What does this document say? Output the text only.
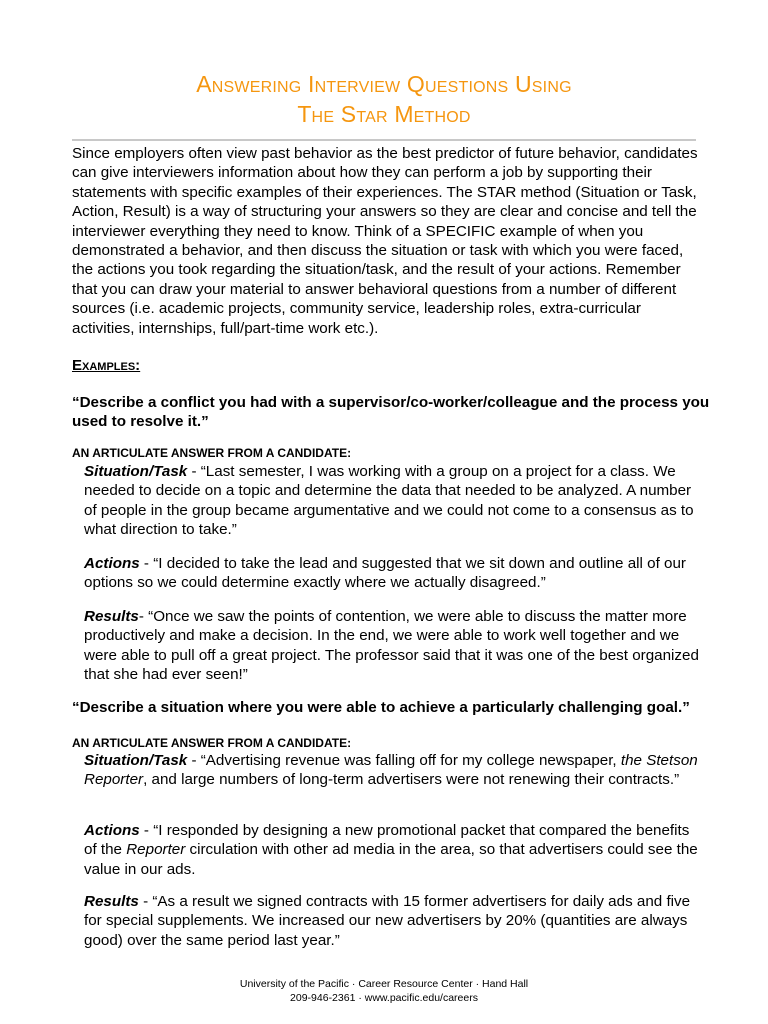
Answering Interview Questions Using
The Star Method

Since employers often view past behavior as the best predictor of future behavior, candidates can give interviewers information about how they can perform a job by supporting their statements with specific examples of their experiences. The STAR method (Situation or Task, Action, Result) is a way of structuring your answers so they are clear and concise and tell the interviewer everything they need to know. Think of a SPECIFIC example of when you demonstrated a behavior, and then discuss the situation or task with which you were faced, the actions you took regarding the situation/task, and the result of your actions. Remember that you can draw your material to answer behavioral questions from a number of different sources (i.e. academic projects, community service, leadership roles, extra-curricular activities, internships, full/part-time work etc.).

Examples:

“Describe a conflict you had with a supervisor/co-worker/colleague and the process you used to resolve it.”

AN ARTICULATE ANSWER FROM A CANDIDATE:

Situation/Task - “Last semester, I was working with a group on a project for a class. We needed to decide on a topic and determine the data that needed to be analyzed. A number of people in the group became argumentative and we could not come to a consensus as to what direction to take.”

Actions - “I decided to take the lead and suggested that we sit down and outline all of our options so we could determine exactly where we actually disagreed.”

Results- “Once we saw the points of contention, we were able to discuss the matter more productively and make a decision. In the end, we were able to work well together and we were able to pull off a great project. The professor said that it was one of the best organized that she had ever seen!”

“Describe a situation where you were able to achieve a particularly challenging goal.”

AN ARTICULATE ANSWER FROM A CANDIDATE:

Situation/Task - “Advertising revenue was falling off for my college newspaper, the Stetson Reporter, and large numbers of long-term advertisers were not renewing their contracts.”

Actions - “I responded by designing a new promotional packet that compared the benefits of the Reporter circulation with other ad media in the area, so that advertisers could see the value in our ads.

Results - “As a result we signed contracts with 15 former advertisers for daily ads and five for special supplements. We increased our new advertisers by 20% (quantities are always good) over the same period last year.”

University of the Pacific · Career Resource Center · Hand Hall

209-946-2361 · www.pacific.edu/careers
